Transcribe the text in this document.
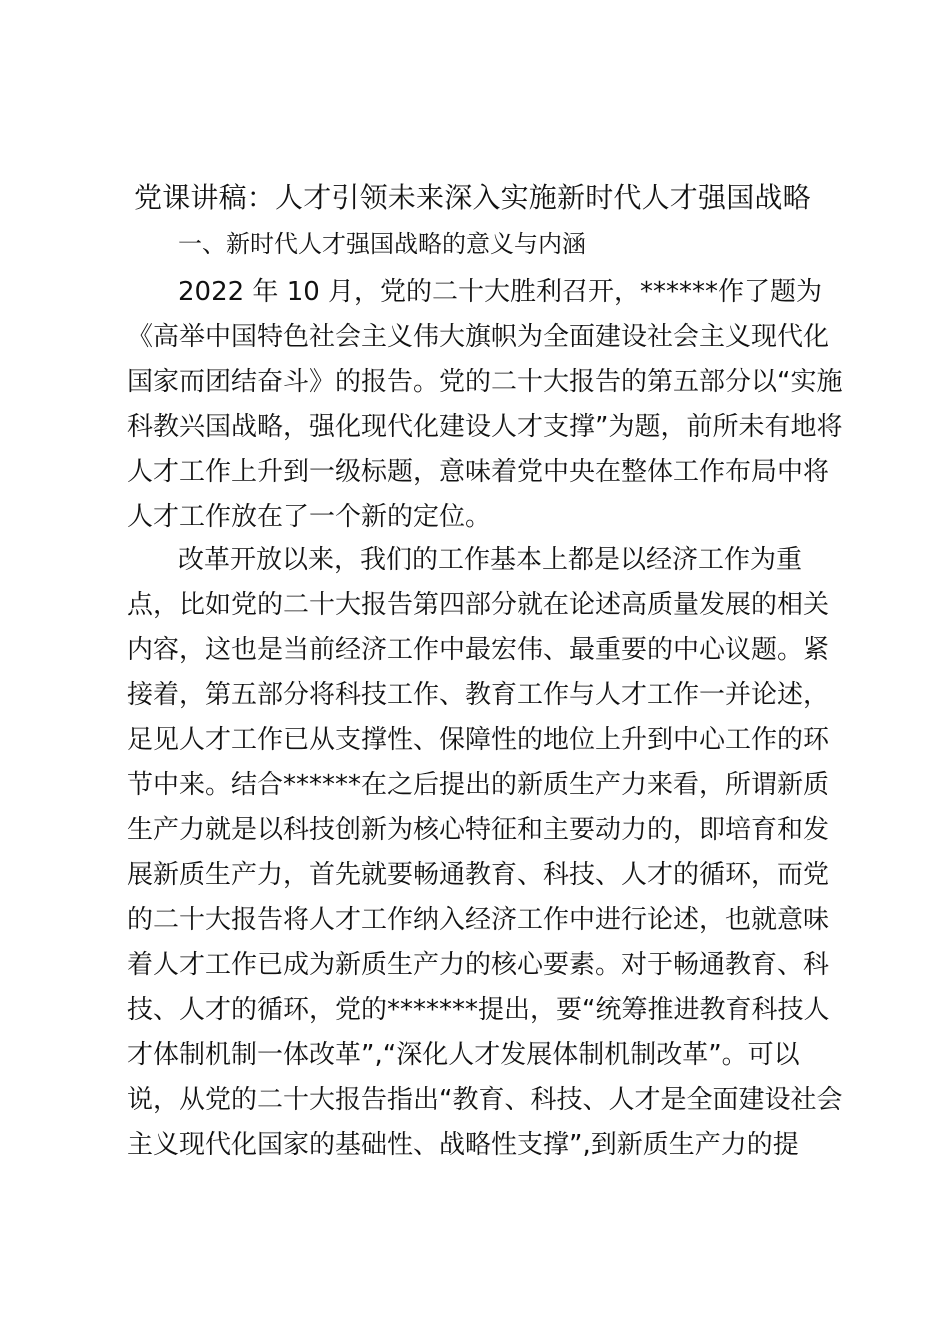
党课讲稿：人才引领未来深入实施新时代人才强国战略
一、新时代人才强国战略的意义与内涵
2022 年 10 月，党的二十大胜利召开，******作了题为
《高举中国特色社会主义伟大旗帜为全面建设社会主义现代化
国家而团结奋斗》的报告。党的二十大报告的第五部分以“实施
科教兴国战略，强化现代化建设人才支撑”为题，前所未有地将
人才工作上升到一级标题，意味着党中央在整体工作布局中将
人才工作放在了一个新的定位。
改革开放以来，我们的工作基本上都是以经济工作为重
点，比如党的二十大报告第四部分就在论述高质量发展的相关
内容，这也是当前经济工作中最宏伟、最重要的中心议题。紧
接着，第五部分将科技工作、教育工作与人才工作一并论述，
足见人才工作已从支撑性、保障性的地位上升到中心工作的环
节中来。结合******在之后提出的新质生产力来看，所谓新质
生产力就是以科技创新为核心特征和主要动力的，即培育和发
展新质生产力，首先就要畅通教育、科技、人才的循环，而党
的二十大报告将人才工作纳入经济工作中进行论述，也就意味
着人才工作已成为新质生产力的核心要素。对于畅通教育、科
技、人才的循环，党的*******提出，要“统筹推进教育科技人
才体制机制一体改革”,“深化人才发展体制机制改革”。可以
说，从党的二十大报告指出“教育、科技、人才是全面建设社会
主义现代化国家的基础性、战略性支撑”,到新质生产力的提
